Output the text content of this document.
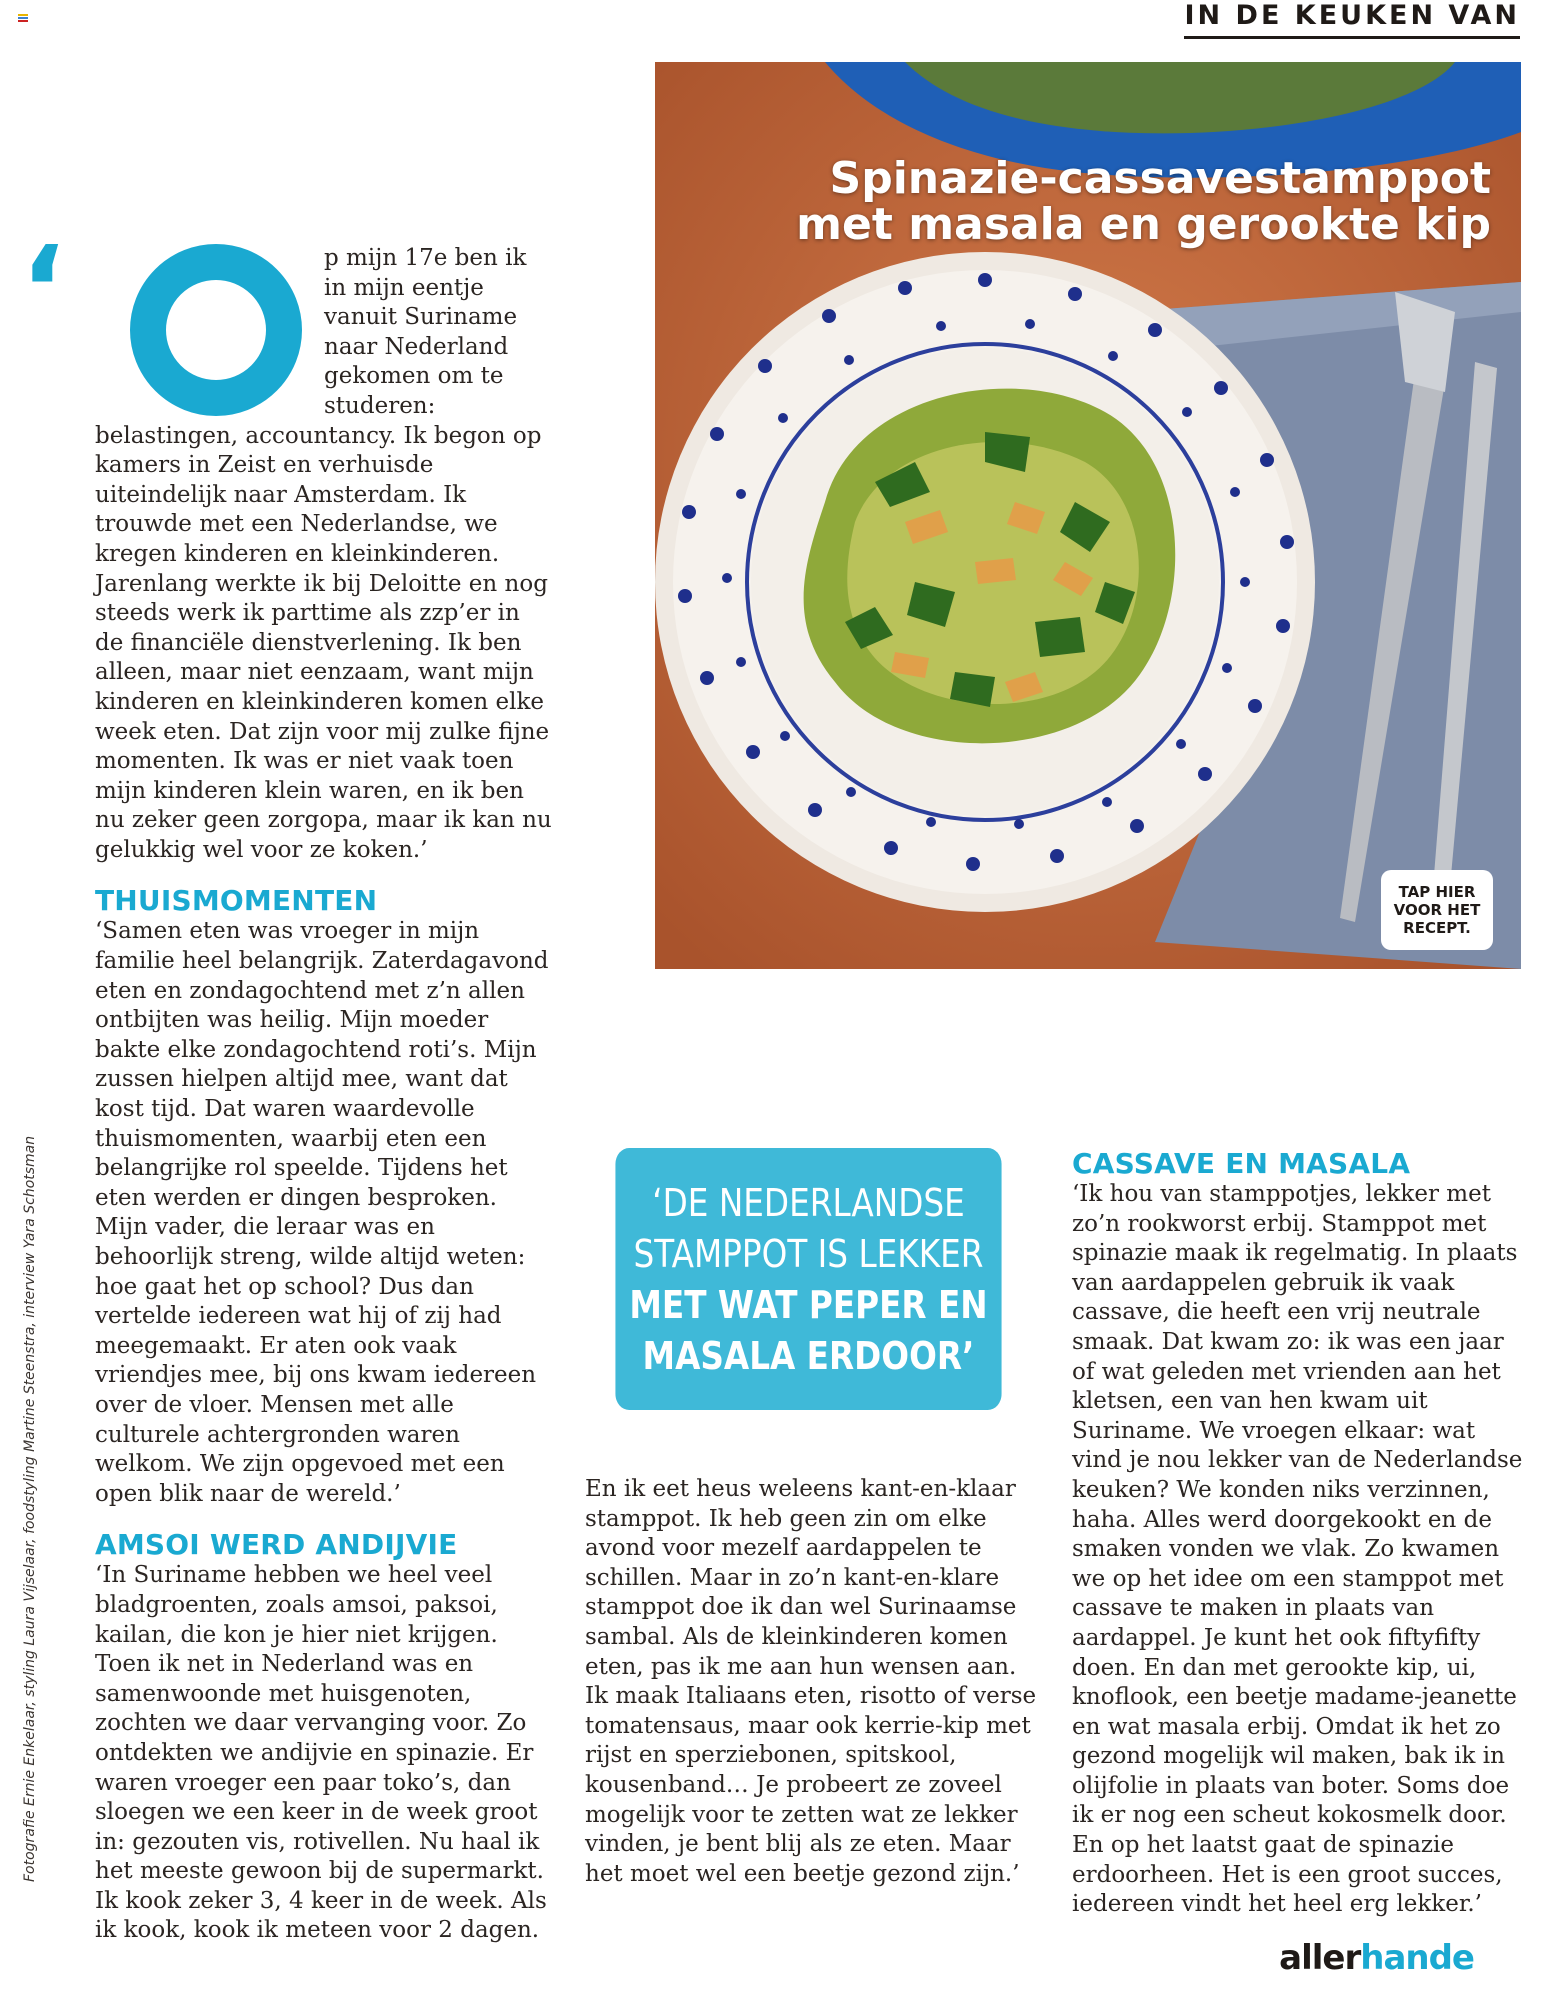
IN DE KEUKEN VAN
‘	p mijn 17e ben ik in mijn eentje vanuit Suriname naar Nederland gekomen om te studeren: belastingen, accountancy. Ik begon op kamers in Zeist en verhuisde uiteindelijk naar Amsterdam. Ik trouwde met een Nederlandse, we kregen kinderen en kleinkinderen. Jarenlang werkte ik bij Deloitte en nog steeds werk ik parttime als zzp’er in de financiële dienstverlening. Ik ben alleen, maar niet eenzaam, want mijn kinderen en kleinkinderen komen elke week eten. Dat zijn voor mij zulke fijne momenten. Ik was er niet vaak toen mijn kinderen klein waren, en ik ben nu zeker geen zorgopa, maar ik kan nu gelukkig wel voor ze koken.’

THUISMOMENTEN

‘Samen eten was vroeger in mijn familie heel belangrijk. Zaterdagavond eten en zondagochtend met z’n allen ontbijten was heilig. Mijn moeder bakte elke zondagochtend roti’s. Mijn zussen hielpen altijd mee, want dat kost tijd. Dat waren waardevolle thuismomenten, waarbij eten een belangrijke rol speelde. Tijdens het eten werden er dingen besproken. Mijn vader, die leraar was en behoorlijk streng, wilde altijd weten: hoe gaat het op school? Dus dan vertelde iedereen wat hij of zij had meegemaakt. Er aten ook vaak vriendjes mee, bij ons kwam iedereen over de vloer. Mensen met alle culturele achtergronden waren welkom. We zijn opgevoed met een open blik naar de wereld.’

AMSOI WERD ANDIJVIE

‘In Suriname hebben we heel veel bladgroenten, zoals amsoi, paksoi, kailan, die kon je hier niet krijgen. Toen ik net in Nederland was en samenwoonde met huisgenoten, zochten we daar vervanging voor. Zo ontdekten we andijvie en spinazie. Er waren vroeger een paar toko’s, dan sloegen we een keer in de week groot in: gezouten vis, rotivellen. Nu haal ik het meeste gewoon bij de supermarkt. Ik kook zeker 3, 4 keer in de week. Als ik kook, kook ik meteen voor 2 dagen.

Spinazie-cassavestamppot
met masala en gerookte kip
TAP HIER VOOR HET RECEPT.
‘DE NEDERLANDSE
STAMPPOT IS LEKKER
MET WAT PEPER EN
MASALA ERDOOR’

En ik eet heus weleens kant-en-klaar stamppot. Ik heb geen zin om elke avond voor mezelf aardappelen te schillen. Maar in zo’n kant-en-klare stamppot doe ik dan wel Surinaamse sambal. Als de kleinkinderen komen eten, pas ik me aan hun wensen aan. Ik maak Italiaans eten, risotto of verse tomatensaus, maar ook kerrie-kip met rijst en sperziebonen, spitskool, kousenband… Je probeert ze zoveel mogelijk voor te zetten wat ze lekker vinden, je bent blij als ze eten. Maar het moet wel een beetje gezond zijn.’

CASSAVE EN MASALA

‘Ik hou van stamppotjes, lekker met zo’n rookworst erbij. Stamppot met spinazie maak ik regelmatig. In plaats van aardappelen gebruik ik vaak cassave, die heeft een vrij neutrale smaak. Dat kwam zo: ik was een jaar of wat geleden met vrienden aan het kletsen, een van hen kwam uit Suriname. We vroegen elkaar: wat vind je nou lekker van de Nederlandse keuken? We konden niks verzinnen, haha. Alles werd doorgekookt en de smaken vonden we vlak. Zo kwamen we op het idee om een stamppot met cassave te maken in plaats van aardappel. Je kunt het ook fiftyfifty doen. En dan met gerookte kip, ui, knoflook, een beetje madame-jeanette en wat masala erbij. Omdat ik het zo gezond mogelijk wil maken, bak ik in olijfolie in plaats van boter. Soms doe ik er nog een scheut kokosmelk door. En op het laatst gaat de spinazie erdoorheen. Het is een groot succes, iedereen vindt het heel erg lekker.’

Fotografie Ernie Enkelaar, styling Laura Vijselaar, foodstyling Martine Steenstra, interview Yara Schotsman
allerhande
